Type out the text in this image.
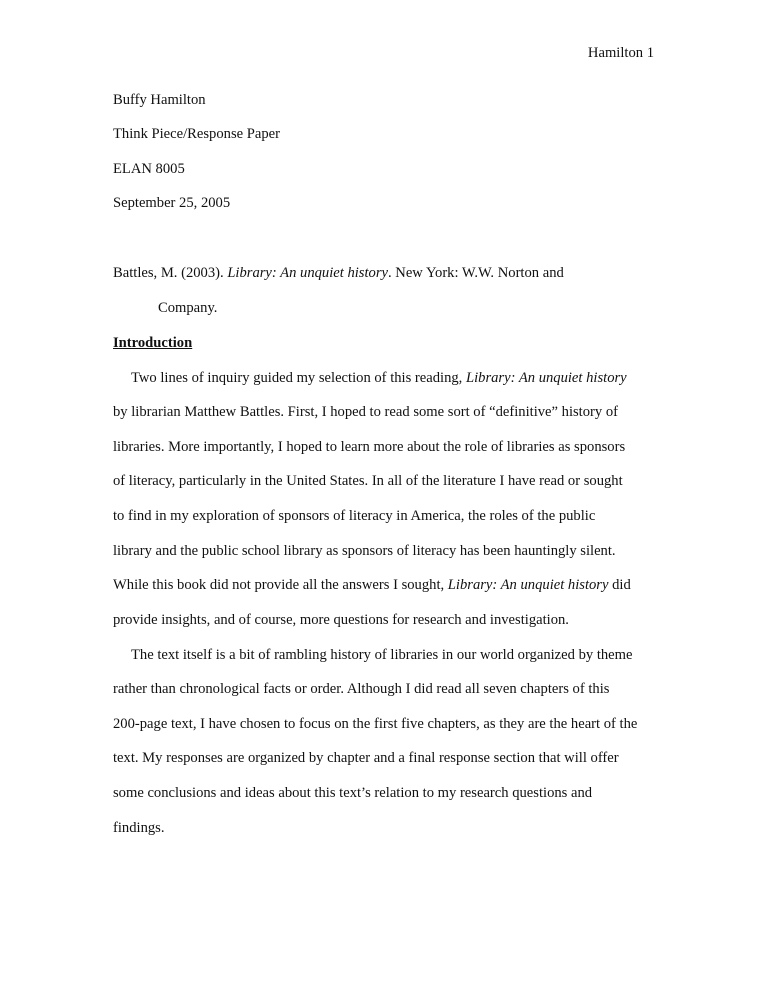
Hamilton 1
Buffy Hamilton
Think Piece/Response Paper
ELAN 8005
September 25, 2005
Battles, M. (2003). Library: An unquiet history. New York: W.W. Norton and
Company.
Introduction
Two lines of inquiry guided my selection of this reading, Library: An unquiet history
by librarian Matthew Battles. First, I hoped to read some sort of “definitive” history of
libraries. More importantly, I hoped to learn more about the role of libraries as sponsors
of literacy, particularly in the United States. In all of the literature I have read or sought
to find in my exploration of sponsors of literacy in America, the roles of the public
library and the public school library as sponsors of literacy has been hauntingly silent.
While this book did not provide all the answers I sought, Library: An unquiet history did
provide insights, and of course, more questions for research and investigation.
The text itself is a bit of rambling history of libraries in our world organized by theme
rather than chronological facts or order. Although I did read all seven chapters of this
200-page text, I have chosen to focus on the first five chapters, as they are the heart of the
text. My responses are organized by chapter and a final response section that will offer
some conclusions and ideas about this text’s relation to my research questions and
findings.
